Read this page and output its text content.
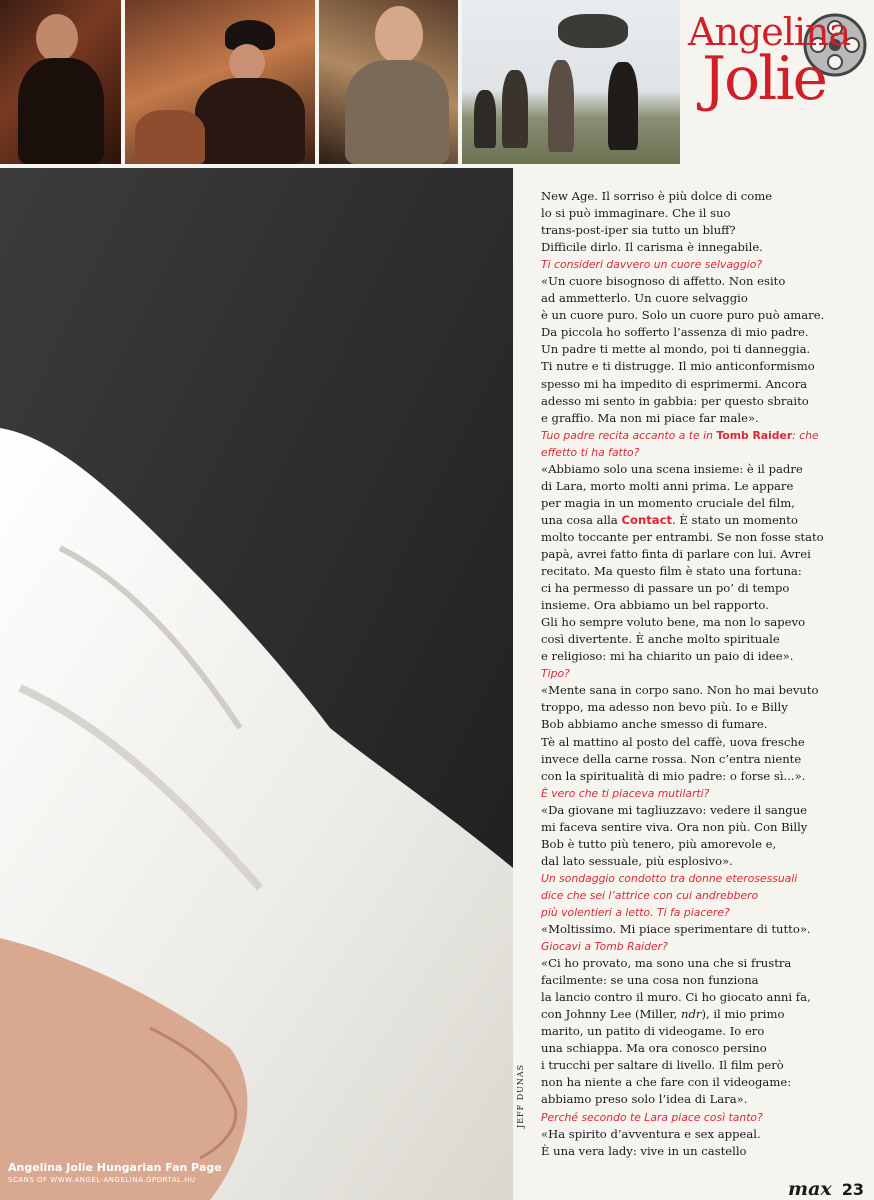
Angelina
Jolie
JEFF DUNAS
Angelina Jolie Hungarian Fan Page
SCANS OF WWW.ANGEL-ANGELINA.GPORTAL.HU
New Age. Il sorriso è più dolce di come
lo si può immaginare. Che il suo
trans-post-iper sia tutto un bluff?
Difficile dirlo. Il carisma è innegabile.
Ti consideri davvero un cuore selvaggio?
«Un cuore bisognoso di affetto. Non esito
ad ammetterlo. Un cuore selvaggio
è un cuore puro. Solo un cuore puro può amare.
Da piccola ho sofferto l’assenza di mio padre.
Un padre ti mette al mondo, poi ti danneggia.
Ti nutre e ti distrugge. Il mio anticonformismo
spesso mi ha impedito di esprimermi. Ancora
adesso mi sento in gabbia: per questo sbraito
e graffio. Ma non mi piace far male».
Tuo padre recita accanto a te in Tomb Raider: che
effetto ti ha fatto?
«Abbiamo solo una scena insieme: è il padre
di Lara, morto molti anni prima. Le appare
per magia in un momento cruciale del film,
una cosa alla Contact. È stato un momento
molto toccante per entrambi. Se non fosse stato
papà, avrei fatto finta di parlare con lui. Avrei
recitato. Ma questo film è stato una fortuna:
ci ha permesso di passare un po’ di tempo
insieme. Ora abbiamo un bel rapporto.
Gli ho sempre voluto bene, ma non lo sapevo
così divertente. È anche molto spirituale
e religioso: mi ha chiarito un paio di idee».
Tipo?
«Mente sana in corpo sano. Non ho mai bevuto
troppo, ma adesso non bevo più. Io e Billy
Bob abbiamo anche smesso di fumare.
Tè al mattino al posto del caffè, uova fresche
invece della carne rossa. Non c’entra niente
con la spiritualità di mio padre: o forse sì...».
È vero che ti piaceva mutilarti?
«Da giovane mi tagliuzzavo: vedere il sangue
mi faceva sentire viva. Ora non più. Con Billy
Bob è tutto più tenero, più amorevole e,
dal lato sessuale, più esplosivo».
Un sondaggio condotto tra donne eterosessuali
dice che sei l’attrice con cui andrebbero
più volentieri a letto. Ti fa piacere?
«Moltissimo. Mi piace sperimentare di tutto».
Giocavi a Tomb Raider?
«Ci ho provato, ma sono una che si frustra
facilmente: se una cosa non funziona
la lancio contro il muro. Ci ho giocato anni fa,
con Johnny Lee (Miller, ndr), il mio primo
marito, un patito di videogame. Io ero
una schiappa. Ma ora conosco persino
i trucchi per saltare di livello. Il film però
non ha niente a che fare con il videogame:
abbiamo preso solo l’idea di Lara».
Perché secondo te Lara piace così tanto?
«Ha spirito d’avventura e sex appeal.
È una vera lady: vive in un castello
max 23
